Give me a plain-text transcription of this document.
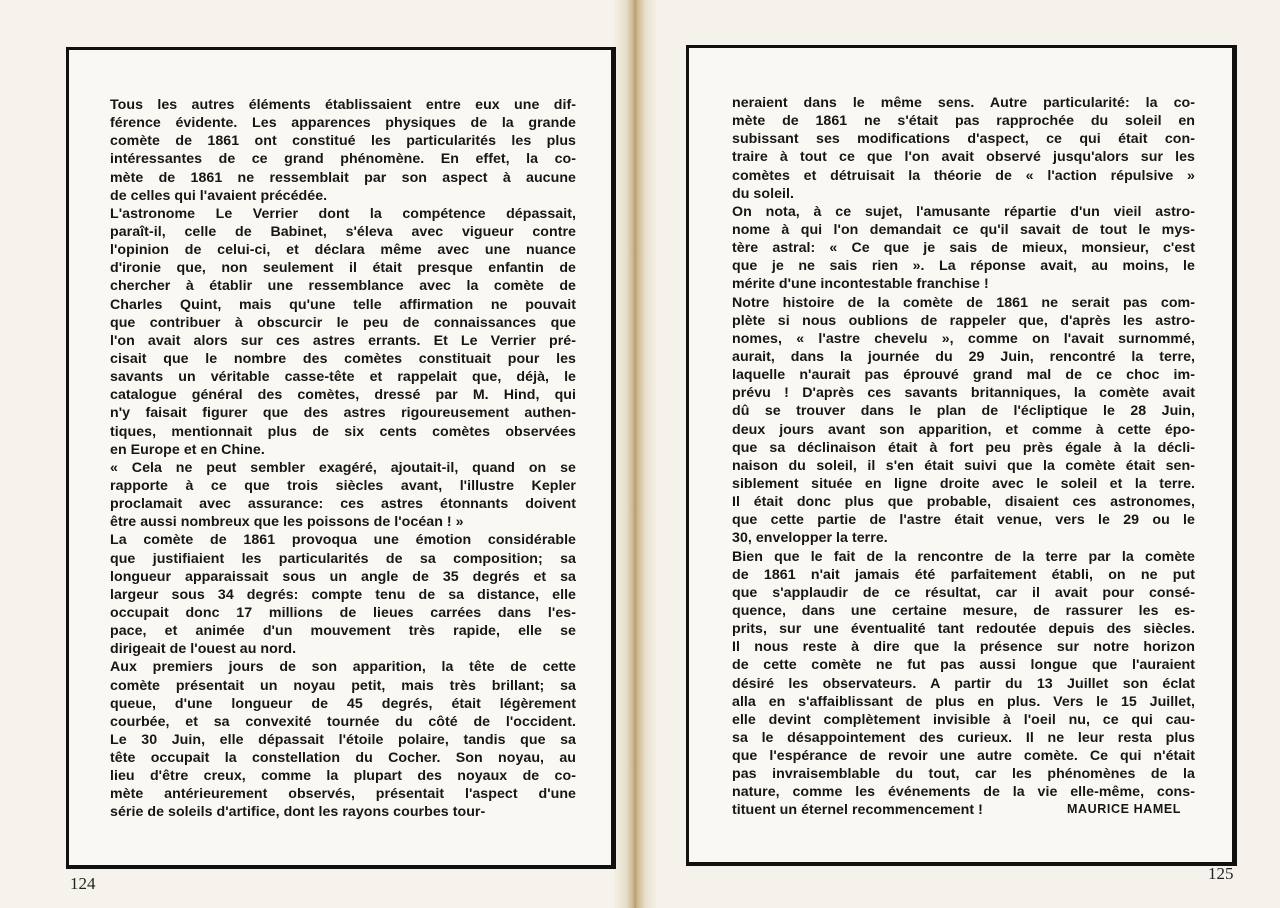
Tous les autres éléments établissaient entre eux une dif-
férence évidente. Les apparences physiques de la grande
comète de 1861 ont constitué les particularités les plus
intéressantes de ce grand phénomène. En effet, la co-
mète de 1861 ne ressemblait par son aspect à aucune
de celles qui l'avaient précédée.
L'astronome Le Verrier dont la compétence dépassait,
paraît-il, celle de Babinet, s'éleva avec vigueur contre
l'opinion de celui-ci, et déclara même avec une nuance
d'ironie que, non seulement il était presque enfantin de
chercher à établir une ressemblance avec la comète de
Charles Quint, mais qu'une telle affirmation ne pouvait
que contribuer à obscurcir le peu de connaissances que
l'on avait alors sur ces astres errants. Et Le Verrier pré-
cisait que le nombre des comètes constituait pour les
savants un véritable casse-tête et rappelait que, déjà, le
catalogue général des comètes, dressé par M. Hind, qui
n'y faisait figurer que des astres rigoureusement authen-
tiques, mentionnait plus de six cents comètes observées
en Europe et en Chine.
« Cela ne peut sembler exagéré, ajoutait-il, quand on se
rapporte à ce que trois siècles avant, l'illustre Kepler
proclamait avec assurance: ces astres étonnants doivent
être aussi nombreux que les poissons de l'océan ! »
La comète de 1861 provoqua une émotion considérable
que justifiaient les particularités de sa composition; sa
longueur apparaissait sous un angle de 35 degrés et sa
largeur sous 34 degrés: compte tenu de sa distance, elle
occupait donc 17 millions de lieues carrées dans l'es-
pace, et animée d'un mouvement très rapide, elle se
dirigeait de l'ouest au nord.
Aux premiers jours de son apparition, la tête de cette
comète présentait un noyau petit, mais très brillant; sa
queue, d'une longueur de 45 degrés, était légèrement
courbée, et sa convexité tournée du côté de l'occident.
Le 30 Juin, elle dépassait l'étoile polaire, tandis que sa
tête occupait la constellation du Cocher. Son noyau, au
lieu d'être creux, comme la plupart des noyaux de co-
mète antérieurement observés, présentait l'aspect d'une
série de soleils d'artifice, dont les rayons courbes tour-
neraient dans le même sens. Autre particularité: la co-
mète de 1861 ne s'était pas rapprochée du soleil en
subissant ses modifications d'aspect, ce qui était con-
traire à tout ce que l'on avait observé jusqu'alors sur les
comètes et détruisait la théorie de « l'action répulsive »
du soleil.
On nota, à ce sujet, l'amusante répartie d'un vieil astro-
nome à qui l'on demandait ce qu'il savait de tout le mys-
tère astral: « Ce que je sais de mieux, monsieur, c'est
que je ne sais rien ». La réponse avait, au moins, le
mérite d'une incontestable franchise !
Notre histoire de la comète de 1861 ne serait pas com-
plète si nous oublions de rappeler que, d'après les astro-
nomes, « l'astre chevelu », comme on l'avait surnommé,
aurait, dans la journée du 29 Juin, rencontré la terre,
laquelle n'aurait pas éprouvé grand mal de ce choc im-
prévu ! D'après ces savants britanniques, la comète avait
dû se trouver dans le plan de l'écliptique le 28 Juin,
deux jours avant son apparition, et comme à cette épo-
que sa déclinaison était à fort peu près égale à la décli-
naison du soleil, il s'en était suivi que la comète était sen-
siblement située en ligne droite avec le soleil et la terre.
Il était donc plus que probable, disaient ces astronomes,
que cette partie de l'astre était venue, vers le 29 ou le
30, envelopper la terre.
Bien que le fait de la rencontre de la terre par la comète
de 1861 n'ait jamais été parfaitement établi, on ne put
que s'applaudir de ce résultat, car il avait pour consé-
quence, dans une certaine mesure, de rassurer les es-
prits, sur une éventualité tant redoutée depuis des siècles.
Il nous reste à dire que la présence sur notre horizon
de cette comète ne fut pas aussi longue que l'auraient
désiré les observateurs. A partir du 13 Juillet son éclat
alla en s'affaiblissant de plus en plus. Vers le 15 Juillet,
elle devint complètement invisible à l'oeil nu, ce qui cau-
sa le désappointement des curieux. Il ne leur resta plus
que l'espérance de revoir une autre comète. Ce qui n'était
pas invraisemblable du tout, car les phénomènes de la
nature, comme les événements de la vie elle-même, cons-
tituent un éternel recommencement !	MAURICE HAMEL
124
125
